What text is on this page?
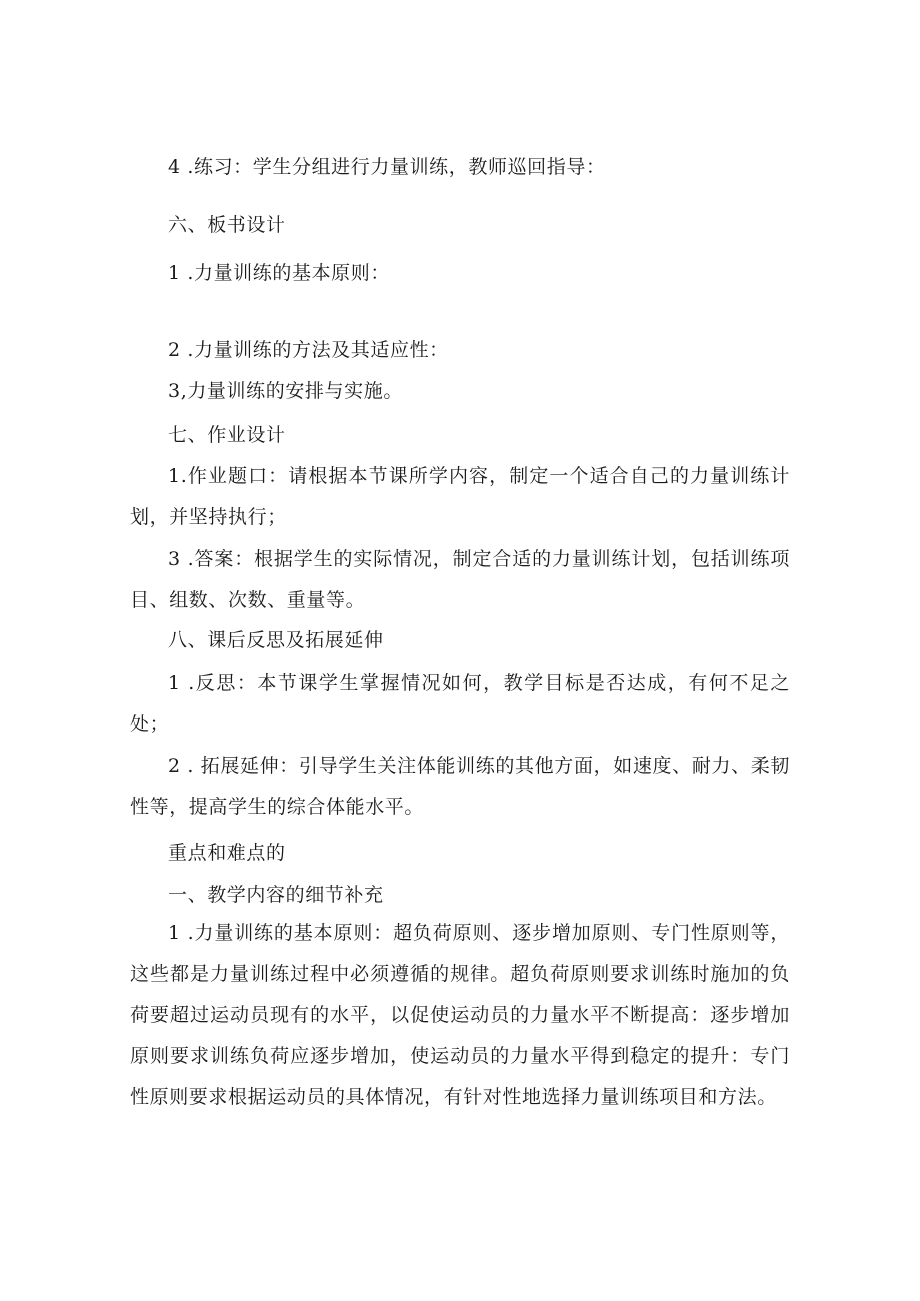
4 .练习：学生分组进行力量训练，教师巡回指导：
六、板书设计
1 .力量训练的基本原则：
2 .力量训练的方法及其适应性：
3,力量训练的安排与实施。
七、作业设计
1.作业题口：请根据本节课所学内容，制定一个适合自己的力量训练计划，并坚持执行；
3 .答案：根据学生的实际情况，制定合适的力量训练计划，包括训练项目、组数、次数、重量等。
八、课后反思及拓展延伸
1 .反思：本节课学生掌握情况如何，教学目标是否达成，有何不足之处；
2 . 拓展延伸：引导学生关注体能训练的其他方面，如速度、耐力、柔韧性等，提高学生的综合体能水平。
重点和难点的
一、教学内容的细节补充
1 .力量训练的基本原则：超负荷原则、逐步增加原则、专门性原则等，这些都是力量训练过程中必须遵循的规律。超负荷原则要求训练时施加的负荷要超过运动员现有的水平，以促使运动员的力量水平不断提高：逐步增加原则要求训练负荷应逐步增加，使运动员的力量水平得到稳定的提升：专门性原则要求根据运动员的具体情况，有针对性地选择力量训练项目和方法。
